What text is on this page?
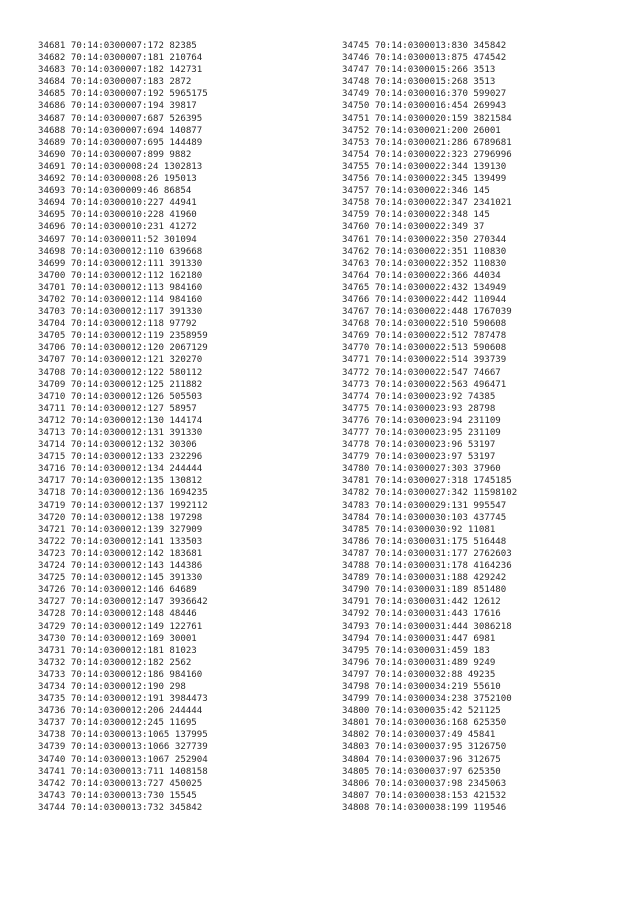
34681 70:14:0300007:172 82385
34682 70:14:0300007:181 210764
34683 70:14:0300007:182 142731
34684 70:14:0300007:183 2872
34685 70:14:0300007:192 5965175
34686 70:14:0300007:194 39817
34687 70:14:0300007:687 526395
34688 70:14:0300007:694 140877
34689 70:14:0300007:695 144489
34690 70:14:0300007:899 9882
34691 70:14:0300008:24 1302813
34692 70:14:0300008:26 195013
34693 70:14:0300009:46 86854
34694 70:14:0300010:227 44941
34695 70:14:0300010:228 41960
34696 70:14:0300010:231 41272
34697 70:14:0300011:52 301094
34698 70:14:0300012:110 639668
34699 70:14:0300012:111 391330
34700 70:14:0300012:112 162180
34701 70:14:0300012:113 984160
34702 70:14:0300012:114 984160
34703 70:14:0300012:117 391330
34704 70:14:0300012:118 97792
34705 70:14:0300012:119 2358959
34706 70:14:0300012:120 2067129
34707 70:14:0300012:121 320270
34708 70:14:0300012:122 580112
34709 70:14:0300012:125 211882
34710 70:14:0300012:126 505503
34711 70:14:0300012:127 58957
34712 70:14:0300012:130 144174
34713 70:14:0300012:131 391330
34714 70:14:0300012:132 30306
34715 70:14:0300012:133 232296
34716 70:14:0300012:134 244444
34717 70:14:0300012:135 130812
34718 70:14:0300012:136 1694235
34719 70:14:0300012:137 1992112
34720 70:14:0300012:138 197298
34721 70:14:0300012:139 327909
34722 70:14:0300012:141 133503
34723 70:14:0300012:142 183681
34724 70:14:0300012:143 144386
34725 70:14:0300012:145 391330
34726 70:14:0300012:146 64689
34727 70:14:0300012:147 3936642
34728 70:14:0300012:148 48446
34729 70:14:0300012:149 122761
34730 70:14:0300012:169 30001
34731 70:14:0300012:181 81023
34732 70:14:0300012:182 2562
34733 70:14:0300012:186 984160
34734 70:14:0300012:190 298
34735 70:14:0300012:191 3984473
34736 70:14:0300012:206 244444
34737 70:14:0300012:245 11695
34738 70:14:0300013:1065 137995
34739 70:14:0300013:1066 327739
34740 70:14:0300013:1067 252904
34741 70:14:0300013:711 1408158
34742 70:14:0300013:727 450025
34743 70:14:0300013:730 15545
34744 70:14:0300013:732 345842
34745 70:14:0300013:830 345842
34746 70:14:0300013:875 474542
34747 70:14:0300015:266 3513
34748 70:14:0300015:268 3513
34749 70:14:0300016:370 599027
34750 70:14:0300016:454 269943
34751 70:14:0300020:159 3821584
34752 70:14:0300021:200 26001
34753 70:14:0300021:286 6789681
34754 70:14:0300022:323 2796996
34755 70:14:0300022:344 139130
34756 70:14:0300022:345 139499
34757 70:14:0300022:346 145
34758 70:14:0300022:347 2341021
34759 70:14:0300022:348 145
34760 70:14:0300022:349 37
34761 70:14:0300022:350 270344
34762 70:14:0300022:351 110830
34763 70:14:0300022:352 110830
34764 70:14:0300022:366 44034
34765 70:14:0300022:432 134949
34766 70:14:0300022:442 110944
34767 70:14:0300022:448 1767039
34768 70:14:0300022:510 590608
34769 70:14:0300022:512 787478
34770 70:14:0300022:513 590608
34771 70:14:0300022:514 393739
34772 70:14:0300022:547 74667
34773 70:14:0300022:563 496471
34774 70:14:0300023:92 74385
34775 70:14:0300023:93 28798
34776 70:14:0300023:94 231109
34777 70:14:0300023:95 231109
34778 70:14:0300023:96 53197
34779 70:14:0300023:97 53197
34780 70:14:0300027:303 37960
34781 70:14:0300027:318 1745185
34782 70:14:0300027:342 11598102
34783 70:14:0300029:131 995547
34784 70:14:0300030:103 437745
34785 70:14:0300030:92 11081
34786 70:14:0300031:175 516448
34787 70:14:0300031:177 2762603
34788 70:14:0300031:178 4164236
34789 70:14:0300031:188 429242
34790 70:14:0300031:189 851480
34791 70:14:0300031:442 12612
34792 70:14:0300031:443 17616
34793 70:14:0300031:444 3086218
34794 70:14:0300031:447 6981
34795 70:14:0300031:459 183
34796 70:14:0300031:489 9249
34797 70:14:0300032:88 49235
34798 70:14:0300034:219 55610
34799 70:14:0300034:238 3752100
34800 70:14:0300035:42 521125
34801 70:14:0300036:168 625350
34802 70:14:0300037:49 45841
34803 70:14:0300037:95 3126750
34804 70:14:0300037:96 312675
34805 70:14:0300037:97 625350
34806 70:14:0300037:98 2345063
34807 70:14:0300038:153 421532
34808 70:14:0300038:199 119546
